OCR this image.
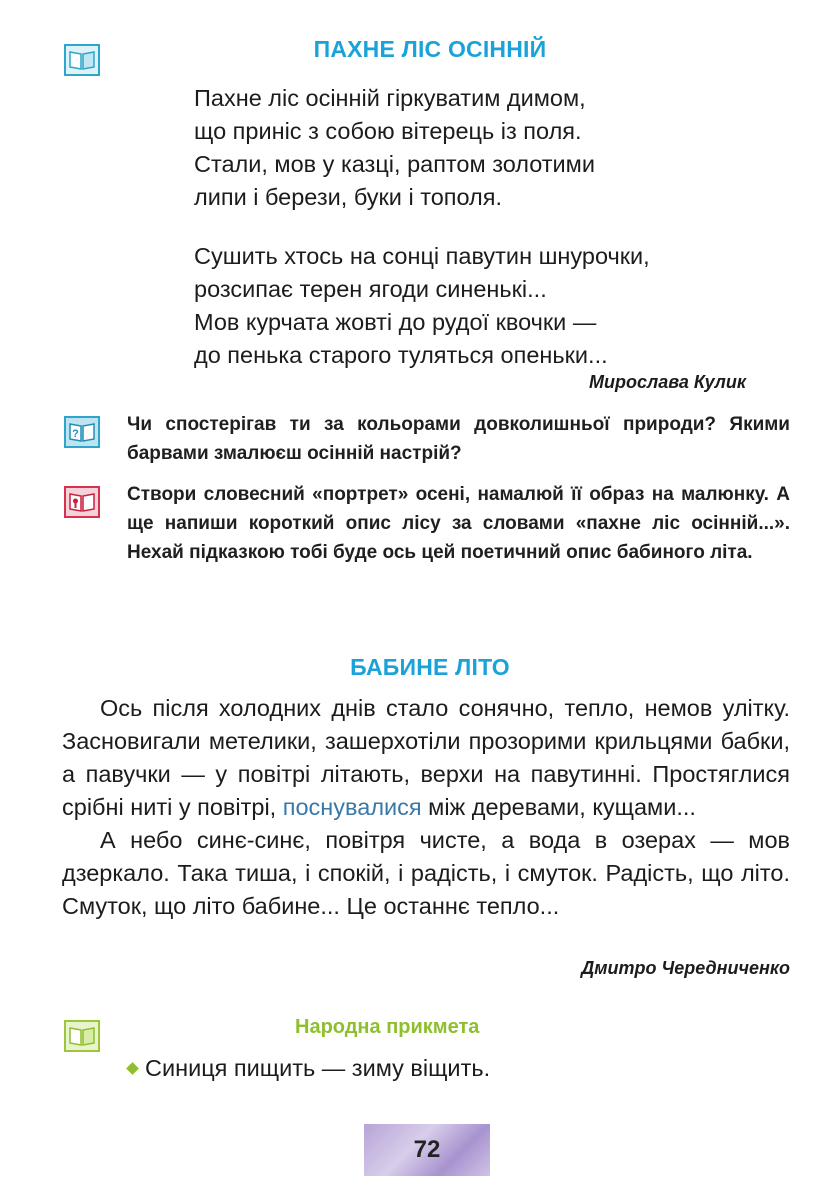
ПАХНЕ ЛІС ОСІННІЙ
Пахне ліс осінній гіркуватим димом,
що приніс з собою вітерець із поля.
Стали, мов у казці, раптом золотими
липи і берези, буки і тополя.
Сушить хтось на сонці павутин шнурочки,
розсипає терен ягоди синенькі...
Мов курчата жовті до рудої квочки —
до пенька старого туляться опеньки...
Мирослава Кулик
?	Чи спостерігав ти за кольорами довколишньої природи? Якими барвами змалюєш осінній настрій?
Створи словесний «портрет» осені, намалюй її образ на малюнку. А ще напиши короткий опис лісу за словами «пахне ліс осінній...». Нехай підказкою тобі буде ось цей поетичний опис бабиного літа.
БАБИНЕ ЛІТО

Ось після холодних днів стало сонячно, тепло, немов улітку. Засновигали метелики, зашерхотіли прозорими крильцями бабки, а павучки — у повітрі літають, верхи на павутинні. Простяглися срібні ниті у повітрі, поснувалися між деревами, кущами...

А небо синє-синє, повітря чисте, а вода в озерах — мов дзеркало. Така тиша, і спокій, і радість, і смуток. Радість, що літо. Смуток, що літо бабине... Це останнє тепло...

Дмитро Чередниченко
Народна прикмета
Синиця пищить — зиму віщить.
72
